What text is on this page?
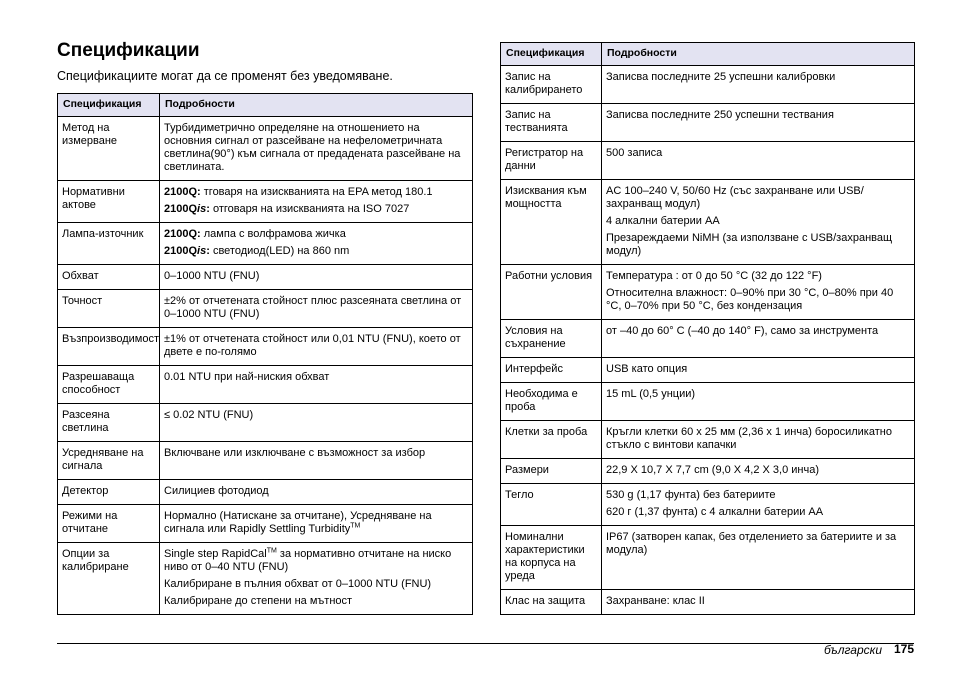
Спецификации

Спецификациите могат да се променят без уведомяване.

Спецификация	Подробности
Метод на измерване	Турбидиметрично определяне на отношението на основния сигнал от разсейване на нефелометричната светлина(90°) към сигнала от предадената разсейване на светлината.

Нормативни актове	2100Q: тговаря на изискванията на EPA метод 180.1

2100Qis: отговаря на изискванията на ISO 7027

Лампа-източник	2100Q: лампа с волфрамова жичка

2100Qis: светодиод(LED) на 860 nm

Обхват	0–1000 NTU (FNU)

Точност	±2% от отчетената стойност плюс разсеяната светлина от 0–1000 NTU (FNU)

Възпроизводимост	±1% от отчетената стойност или 0,01 NTU (FNU), което от двете е по-голямо

Разрешаваща способност	0.01 NTU при най-ниския обхват

Разсеяна светлина	≤ 0.02 NTU (FNU)

Усредняване на сигнала	Включване или изключване с възможност за избор

Детектор	Силициев фотодиод

Режими на отчитане	Нормално (Натискане за отчитане), Усредняване на сигнала или Rapidly Settling Turbidity™

Опции за калибриране	Single step RapidCal™ за нормативно отчитане на ниско ниво от 0–40 NTU (FNU)

Калибриране в пълния обхват от 0–1000 NTU (FNU)

Калибриране до степени на мътност

Спецификация	Подробности
Запис на калибрирането	Записва последните 25 успешни калибровки

Запис на тестванията	Записва последните 250 успешни тествания

Регистратор на данни	500 записа

Изисквания към мощността	AC 100–240 V, 50/60 Hz (със захранване или USB/захранващ модул)

4 алкални батерии AA

Презареждаеми NiMH (за използване с USB/захранващ модул)

Работни условия	Температура : от 0 до 50 °C (32 до 122 °F)

Относителна влажност: 0–90% при 30 °C, 0–80% при 40 °C, 0–70% при 50 °C, без кондензация

Условия на съхранение	от –40 до 60° C (–40 до 140° F), само за инструмента

Интерфейс	USB като опция

Необходима е проба	15 mL (0,5 унции)

Клетки за проба	Кръгли клетки 60 x 25 мм (2,36 x 1 инча) боросиликатно стъкло с винтови капачки

Размери	22,9 X 10,7 X 7,7 cm (9,0 X 4,2 X 3,0 инча)

Тегло	530 g (1,17 фунта) без батериите

620 г (1,37 фунта) с 4 алкални батерии AA

Номинални характеристики на корпуса на уреда	IP67 (затворен капак, без отделението за батериите и за модула)

Клас на защита	Захранване: клас II

български 175
